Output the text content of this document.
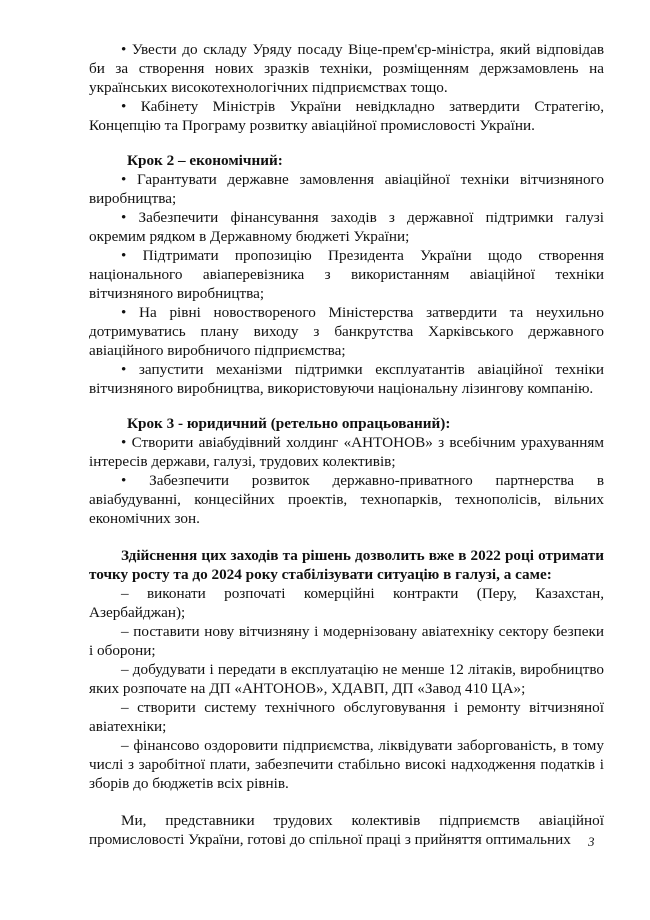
• Увести до складу Уряду посаду Віце-прем'єр-міністра, який відповідав би за створення нових зразків техніки, розміщенням держзамовлень на українських високотехнологічних підприємствах тощо.

• Кабінету Міністрів України невідкладно затвердити Стратегію, Концепцію та Програму розвитку авіаційної промисловості України.

Крок 2 – економічний:

• Гарантувати державне замовлення авіаційної техніки вітчизняного виробництва;

• Забезпечити фінансування заходів з державної підтримки галузі окремим рядком в Державному бюджеті України;

• Підтримати пропозицію Президента України щодо створення національного авіаперевізника з використанням авіаційної техніки вітчизняного виробництва;

• На рівні новоствореного Міністерства затвердити та неухильно дотримуватись плану виходу з банкрутства Харківського державного авіаційного виробничого підприємства;

• запустити механізми підтримки експлуатантів авіаційної техніки вітчизняного виробництва, використовуючи національну лізингову компанію.

Крок 3 - юридичний (ретельно опрацьований):

• Створити авіабудівний холдинг «АНТОНОВ» з всебічним урахуванням інтересів держави, галузі, трудових колективів;

• Забезпечити розвиток державно-приватного партнерства в авіабудуванні, концесійних проектів, технопарків, технополісів, вільних економічних зон.

Здійснення цих заходів та рішень дозволить вже в 2022 році отримати точку росту та до 2024 року стабілізувати ситуацію в галузі, а саме:

– виконати розпочаті комерційні контракти (Перу, Казахстан, Азербайджан);

– поставити нову вітчизняну і модернізовану авіатехніку сектору безпеки і оборони;

– добудувати і передати в експлуатацію не менше 12 літаків, виробництво яких розпочате на ДП «АНТОНОВ», ХДАВП, ДП «Завод 410 ЦА»;

– створити систему технічного обслуговування і ремонту вітчизняної авіатехніки;

– фінансово оздоровити підприємства, ліквідувати заборгованість, в тому числі з заробітної плати, забезпечити стабільно високі надходження податків і зборів до бюджетів всіх рівнів.

Ми, представники трудових колективів підприємств авіаційної промисловості України, готові до спільної праці з прийняття оптимальних	3
